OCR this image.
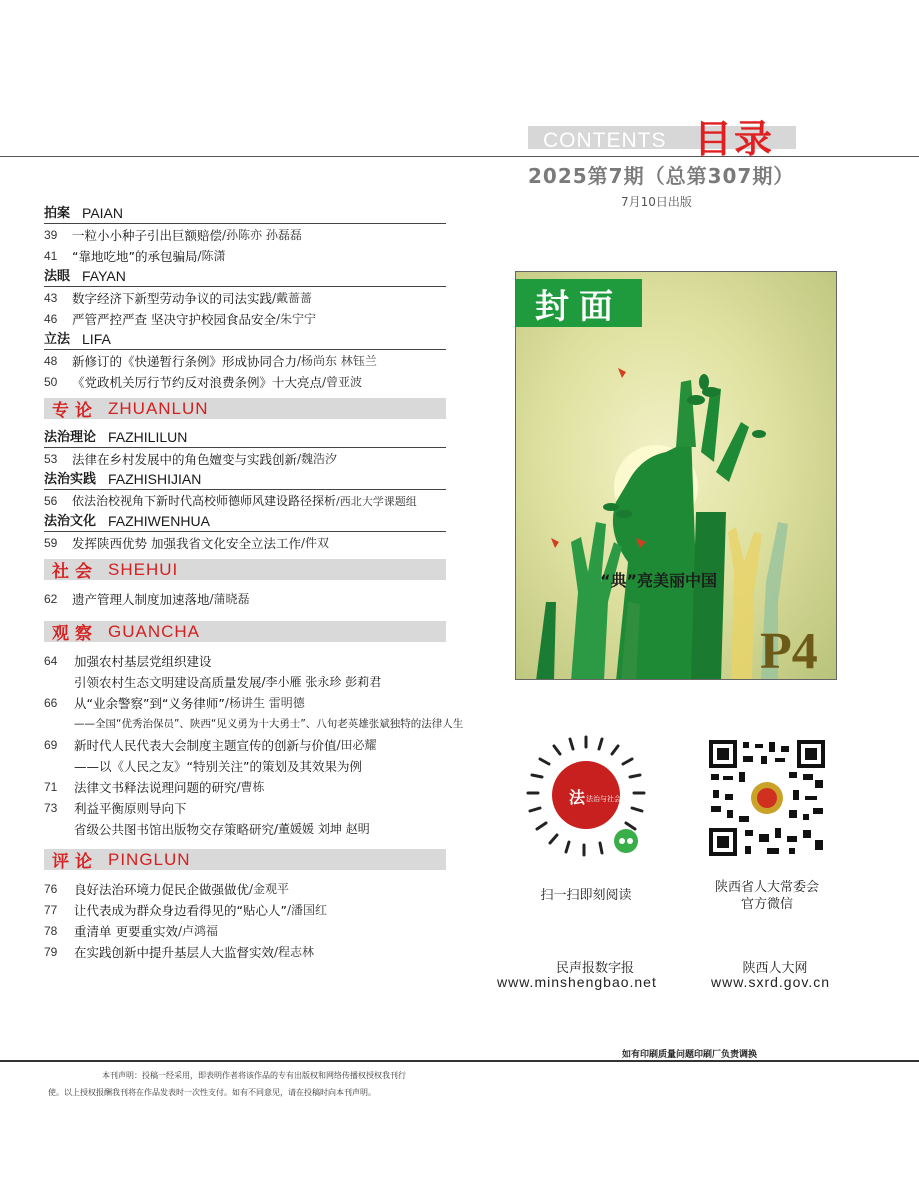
CONTENTS 目录
2025第7期（总第307期）
7月10日出版
拍案 PAIAN
39	一粒小小种子引出巨额赔偿 /孙陈亦 孙磊磊
41	“靠地吃地”的承包骗局 /陈潇
法眼 FAYAN
43	数字经济下新型劳动争议的司法实践 /戴蔷蔷
46	严管严控严查 坚决守护校园食品安全 /朱宁宁
立法 LIFA
48	新修订的《快递暂行条例》形成协同合力 /杨尚东 林钰兰
50	《党政机关厉行节约反对浪费条例》十大亮点 /曾亚波
专论 ZHUANLUN
法治理论 FAZHILILUN
53	法律在乡村发展中的角色嬗变与实践创新 /魏浩汐
法治实践 FAZHISHIJIAN
56	依法治校视角下新时代高校师德师风建设路径探析 /西北大学课题组
法治文化 FAZHIWENHUA
59	发挥陕西优势 加强我省文化安全立法工作 /件双
社会 SHEHUI
62	遗产管理人制度加速落地 /蒲晓磊
观察 GUANCHA
64	加强农村基层党组织建设
引领农村生态文明建设高质量发展 /李小雁 张永珍 彭莉君
66	从“业余警察”到“义务律师” /杨讲生 雷明德
——全国“优秀治保员”、陕西“见义勇为十大勇士”、八旬老英雄张斌独特的法律人生
69	新时代人民代表大会制度主题宣传的创新与价值 /田必耀
——以《人民之友》“特别关注”的策划及其效果为例
71	法律文书释法说理问题的研究 /曹栋
73	利益平衡原则导向下
省级公共图书馆出版物交存策略研究 /董媛媛 刘坤 赵明
评论 PINGLUN
76	良好法治环境力促民企做强做优 /金观平
77	让代表成为群众身边看得见的“贴心人” /潘国红
78	重清单 更要重实效 /卢鸿福
79	在实践创新中提升基层人大监督实效 /程志林
封面
“典”亮美丽中国
P4
法 法治与社会
扫一扫即刻阅读
陕西省人大常委会
官方微信
民声报数字报
www.minshengbao.net
陕西人大网
www.sxrd.gov.cn
如有印刷质量问题印刷厂负责调换
本刊声明：投稿一经采用，即表明作者将该作品的专有出版权和网络传播权授权我刊行
使。以上授权报酬我刊将在作品发表时一次性支付。如有不同意见，请在投稿时向本刊声明。
